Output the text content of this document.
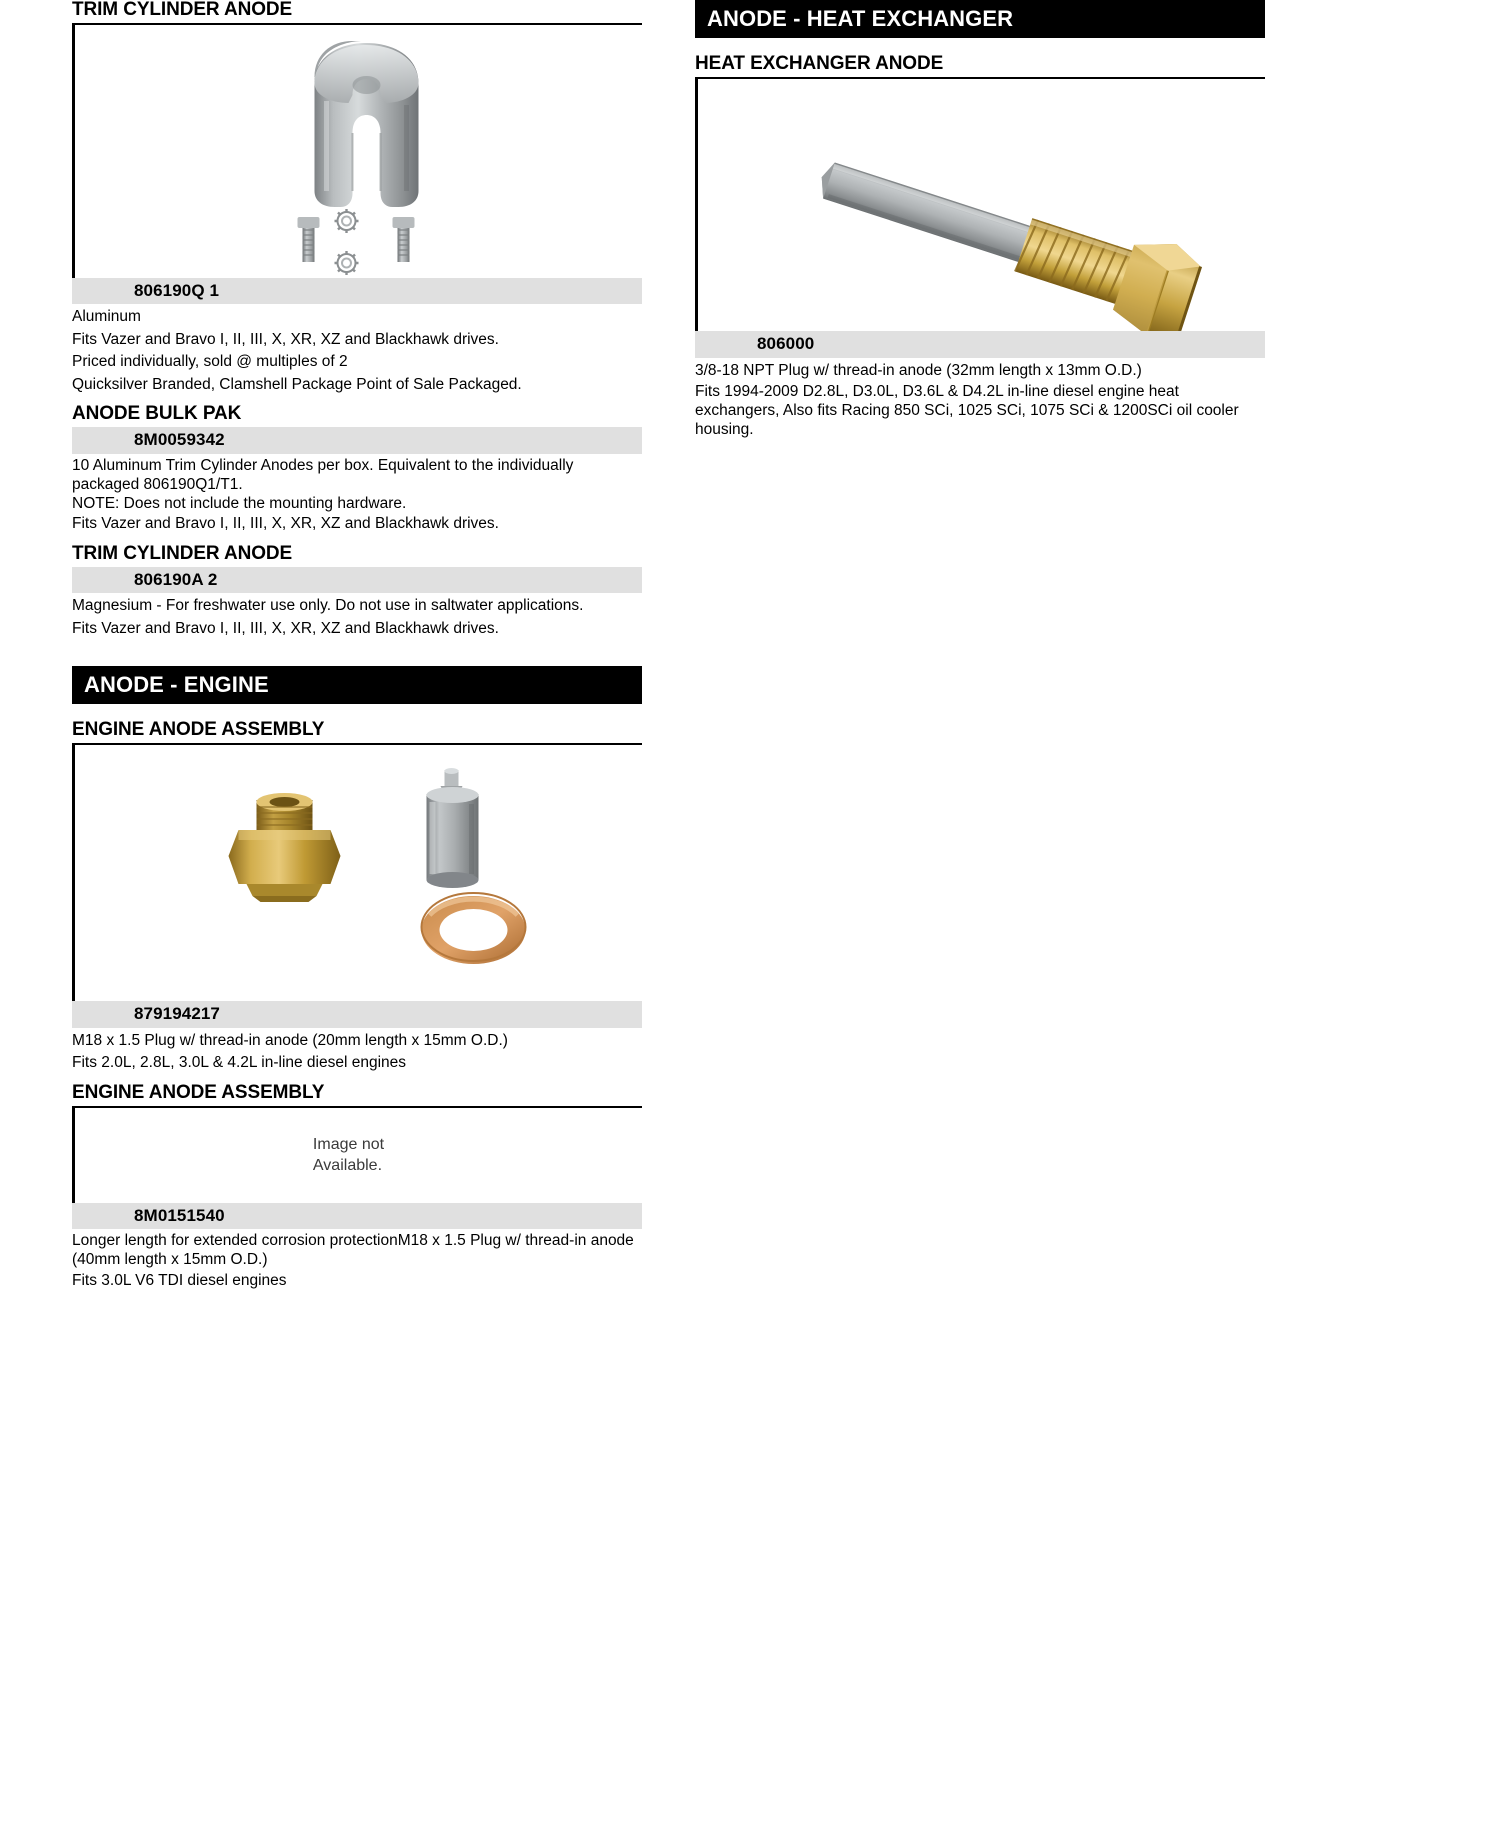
TRIM CYLINDER ANODE
806190Q 1

Aluminum

Fits Vazer and Bravo I, II, III, X, XR, XZ and Blackhawk drives.

Priced individually, sold @ multiples of 2

Quicksilver Branded, Clamshell Package Point of Sale Packaged.

ANODE BULK PAK
8M0059342

10 Aluminum Trim Cylinder Anodes per box. Equivalent to the individually packaged 806190Q1/T1.

NOTE: Does not include the mounting hardware.

Fits Vazer and Bravo I, II, III, X, XR, XZ and Blackhawk drives.

TRIM CYLINDER ANODE
806190A 2

Magnesium - For freshwater use only. Do not use in saltwater applications.

Fits Vazer and Bravo I, II, III, X, XR, XZ and Blackhawk drives.

ANODE - ENGINE
ENGINE ANODE ASSEMBLY
879194217

M18 x 1.5 Plug w/ thread-in anode (20mm length x 15mm O.D.)

Fits 2.0L, 2.8L, 3.0L & 4.2L in-line diesel engines

ENGINE ANODE ASSEMBLY
Image not
Available.
8M0151540

Longer length for extended corrosion protectionM18 x 1.5 Plug w/ thread-in anode (40mm length x 15mm O.D.)

Fits 3.0L V6 TDI diesel engines

ANODE - HEAT EXCHANGER
HEAT EXCHANGER ANODE
806000

3/8-18 NPT Plug w/ thread-in anode (32mm length x 13mm O.D.)

Fits 1994-2009 D2.8L, D3.0L, D3.6L & D4.2L in-line diesel engine heat exchangers, Also fits Racing 850 SCi, 1025 SCi, 1075 SCi & 1200SCi oil cooler housing.
